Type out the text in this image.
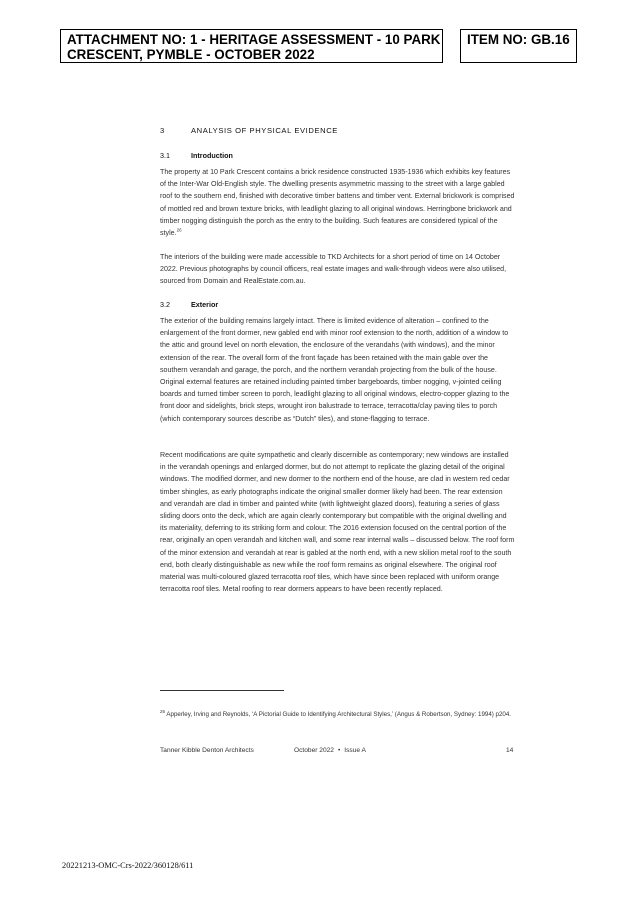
ATTACHMENT NO: 1 - HERITAGE ASSESSMENT - 10 PARK
CRESCENT, PYMBLE - OCTOBER 2022
ITEM NO: GB.16
3	ANALYSIS OF PHYSICAL EVIDENCE
3.1	Introduction

The property at 10 Park Crescent contains a brick residence constructed 1935-1936 which exhibits key features of the Inter-War Old-English style. The dwelling presents asymmetric massing to the street with a large gabled roof to the southern end, finished with decorative timber battens and timber vent. External brickwork is comprised of mottled red and brown texture bricks, with leadlight glazing to all original windows. Herringbone brickwork and timber nogging distinguish the porch as the entry to the building. Such features are considered typical of the style.$^{26}$

The interiors of the building were made accessible to TKD Architects for a short period of time on 14 October 2022. Previous photographs by council officers, real estate images and walk-through videos were also utilised, sourced from Domain and RealEstate.com.au.

3.2	Exterior

The exterior of the building remains largely intact. There is limited evidence of alteration – confined to the enlargement of the front dormer, new gabled end with minor roof extension to the north, addition of a window to the attic and ground level on north elevation, the enclosure of the verandahs (with windows), and the minor extension of the rear. The overall form of the front façade has been retained with the main gable over the southern verandah and garage, the porch, and the northern verandah projecting from the bulk of the house. Original external features are retained including painted timber bargeboards, timber nogging, v-jointed ceiling boards and turned timber screen to porch, leadlight glazing to all original windows, electro-copper glazing to the front door and sidelights, brick steps, wrought iron balustrade to terrace, terracotta/clay paving tiles to porch (which contemporary sources describe as “Dutch” tiles), and stone-flagging to terrace.

Recent modifications are quite sympathetic and clearly discernible as contemporary; new windows are installed in the verandah openings and enlarged dormer, but do not attempt to replicate the glazing detail of the original windows. The modified dormer, and new dormer to the northern end of the house, are clad in western red cedar timber shingles, as early photographs indicate the original smaller dormer likely had been. The rear extension and verandah are clad in timber and painted white (with lightweight glazed doors), featuring a series of glass sliding doors onto the deck, which are again clearly contemporary but compatible with the original dwelling and its materiality, deferring to its striking form and colour. The 2016 extension focused on the central portion of the rear, originally an open verandah and kitchen wall, and some rear internal walls – discussed below. The roof form of the minor extension and verandah at rear is gabled at the north end, with a new skilion metal roof to the south end, both clearly distinguishable as new while the roof form remains as original elsewhere. The original roof material was multi-coloured glazed terracotta roof tiles, which have since been replaced with uniform orange terracotta roof tiles. Metal roofing to rear dormers appears to have been recently replaced.

$^{26}$ Apperley, Irving and Reynolds, ‘A Pictorial Guide to Identifying Architectural Styles,’ (Angus & Robertson, Sydney: 1994) p204.

Tanner Kibble Denton Architects	October 2022 • Issue A	14
20221213-OMC-Crs-2022/360128/611
